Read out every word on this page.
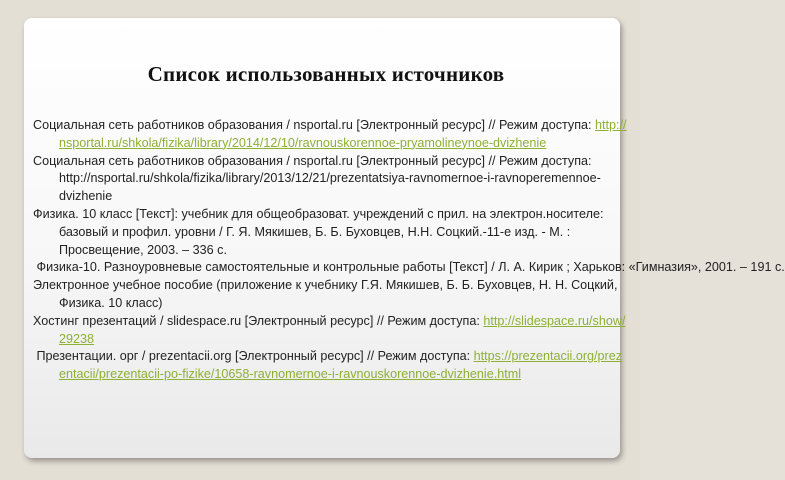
Список использованных источников
Социальная сеть работников образования / nsportal.ru [Электронный ресурс] // Режим доступа: http://nsportal.ru/shkola/fizika/library/2014/12/10/ravnouskorennoe-pryamolineynoe-dvizhenie
Социальная сеть работников образования / nsportal.ru [Электронный ресурс] // Режим доступа: http://nsportal.ru/shkola/fizika/library/2013/12/21/prezentatsiya-ravnomernoe-i-ravnoperemennoe-dvizhenie
Физика. 10 класс [Текст]: учебник для общеобразоват. учреждений с прил. на электрон.носителе: базовый и профил. уровни / Г. Я. Мякишев, Б. Б. Буховцев, Н.Н. Соцкий.-11-е изд. - М. : Просвещение, 2003. – 336 с.
Физика-10. Разноуровневые самостоятельные и контрольные работы [Текст] / Л. А. Кирик ; Харьков: «Гимназия», 2001. – 191 с.
Электронное учебное пособие (приложение к учебнику Г.Я. Мякишев, Б. Б. Буховцев, Н. Н. Соцкий, Физика. 10 класс)
Хостинг презентаций / slidespace.ru [Электронный ресурс] // Режим доступа: http://slidespace.ru/show/29238
Презентации. орг / prezentacii.org [Электронный ресурс] // Режим доступа: https://prezentacii.org/prezentacii/prezentacii-po-fizike/10658-ravnomernoe-i-ravnouskorennoe-dvizhenie.html
